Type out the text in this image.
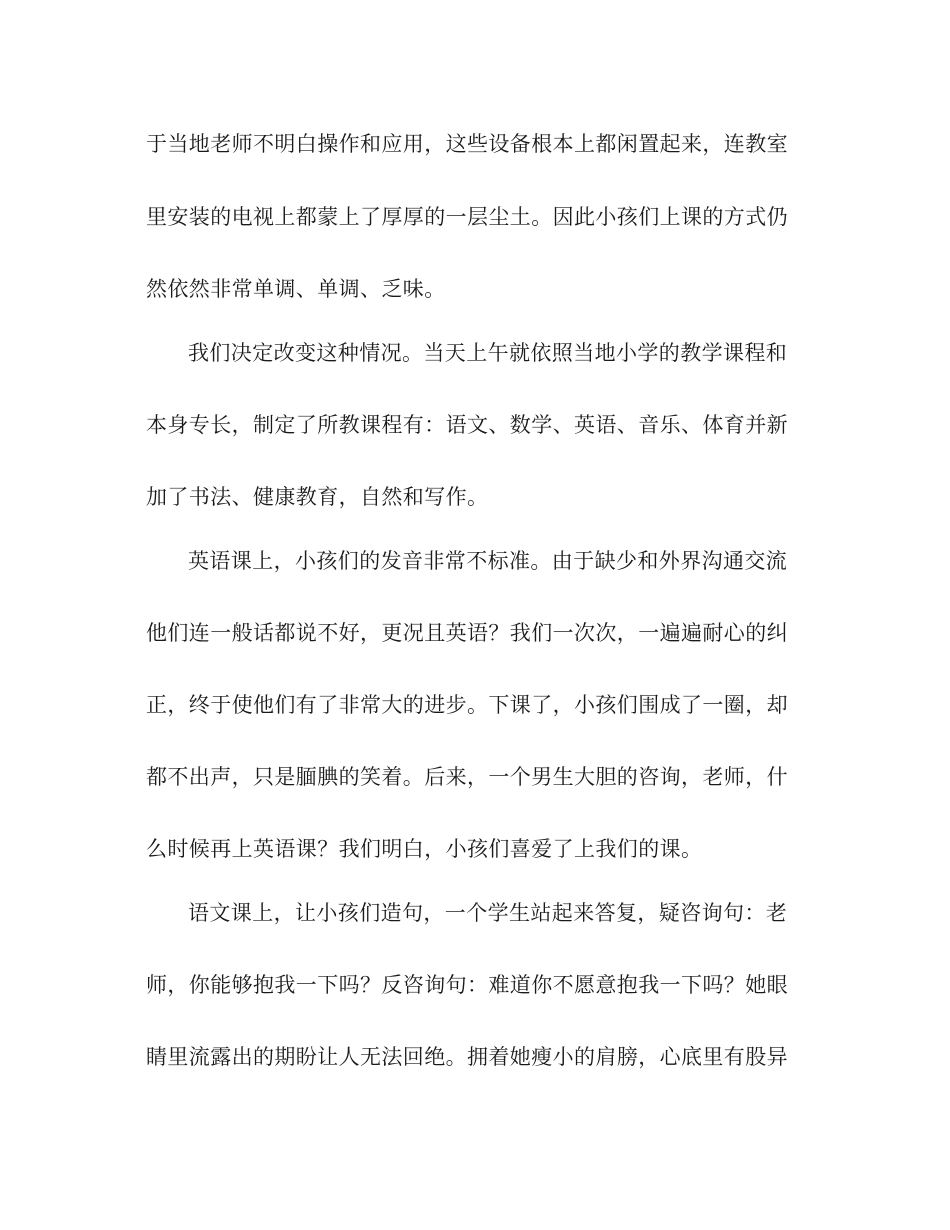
于当地老师不明白操作和应用，这些设备根本上都闲置起来，连教室
里安装的电视上都蒙上了厚厚的一层尘土。因此小孩们上课的方式仍
然依然非常单调、单调、乏味。
我们决定改变这种情况。当天上午就依照当地小学的教学课程和
本身专长，制定了所教课程有：语文、数学、英语、音乐、体育并新
加了书法、健康教育，自然和写作。
英语课上，小孩们的发音非常不标准。由于缺少和外界沟通交流
他们连一般话都说不好，更况且英语？我们一次次，一遍遍耐心的纠
正，终于使他们有了非常大的进步。下课了，小孩们围成了一圈，却
都不出声，只是腼腆的笑着。后来，一个男生大胆的咨询，老师，什
么时候再上英语课？我们明白，小孩们喜爱了上我们的课。
语文课上，让小孩们造句，一个学生站起来答复，疑咨询句：老
师，你能够抱我一下吗？反咨询句：难道你不愿意抱我一下吗？她眼
睛里流露出的期盼让人无法回绝。拥着她瘦小的肩膀，心底里有股异
